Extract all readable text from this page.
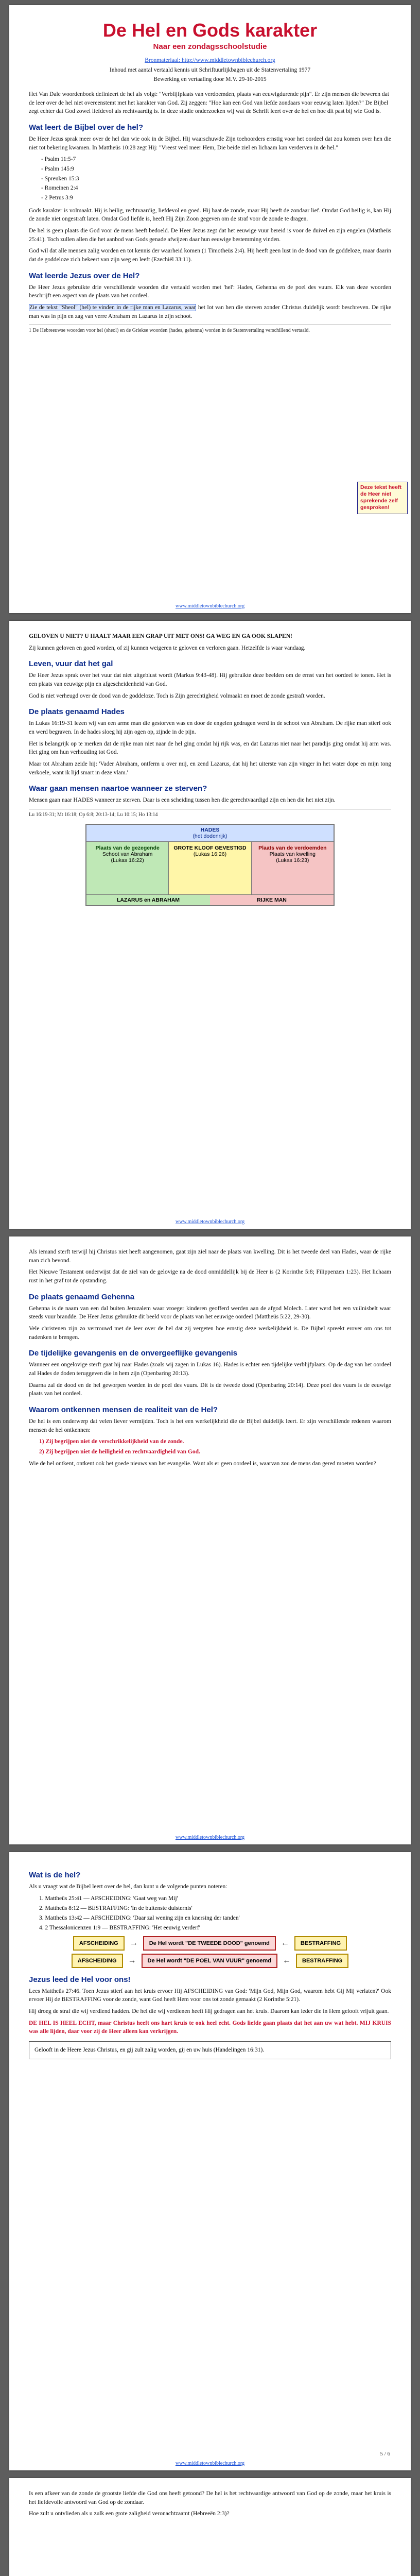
De Hel en Gods karakter
Naar een zondagsschoolstudie
Bronmateriaal: http://www.middletownbiblechurch.org
Inhoud met aantal vertaald kennis uit Schriftuurlijkbagen uit de Statenvertaling 1977
Bewerking en vertaaling door M.V. 29-10-2015

Het Van Dale woordenboek definieert de hel als volgt: "Verblijfplaats van verdoemden, plaats van eeuwigdurende pijn". Er zijn mensen die beweren dat de leer over de hel niet overeenstemt met het karakter van God. Zij zeggen: "Hoe kan een God van liefde zondaars voor eeuwig laten lijden?" De Bijbel zegt echter dat God zowel liefdevol als rechtvaardig is. In deze studie onderzoeken wij wat de Schrift leert over de hel en hoe dit past bij wie God is.

Wat leert de Bijbel over de hel?

De Heer Jezus sprak meer over de hel dan wie ook in de Bijbel. Hij waarschuwde Zijn toehoorders ernstig voor het oordeel dat zou komen over hen die niet tot bekering kwamen. In Mattheüs 10:28 zegt Hij: "Vreest veel meer Hem, Die beide ziel en lichaam kan verderven in de hel."

- Psalm 11:5-7
- Psalm 145:9
- Spreuken 15:3
- Romeinen 2:4
- 2 Petrus 3:9

Gods karakter is volmaakt. Hij is heilig, rechtvaardig, liefdevol en goed. Hij haat de zonde, maar Hij heeft de zondaar lief. Omdat God heilig is, kan Hij de zonde niet ongestraft laten. Omdat God liefde is, heeft Hij Zijn Zoon gegeven om de straf voor de zonde te dragen.

De hel is geen plaats die God voor de mens heeft bedoeld. De Heer Jezus zegt dat het eeuwige vuur bereid is voor de duivel en zijn engelen (Mattheüs 25:41). Toch zullen allen die het aanbod van Gods genade afwijzen daar hun eeuwige bestemming vinden.

God wil dat alle mensen zalig worden en tot kennis der waarheid komen (1 Timotheüs 2:4). Hij heeft geen lust in de dood van de goddeloze, maar daarin dat de goddeloze zich bekeert van zijn weg en leeft (Ezechiël 33:11).

Wat leerde Jezus over de Hel?

De Heer Jezus gebruikte drie verschillende woorden die vertaald worden met 'hel': Hades, Gehenna en de poel des vuurs. Elk van deze woorden beschrijft een aspect van de plaats van het oordeel.

Zie de tekst "Sheol" (hel) te vinden in de rijke man en Lazarus, waar het lot van hen die sterven zonder Christus duidelijk wordt beschreven. De rijke man was in pijn en zag van verre Abraham en Lazarus in zijn schoot.

Deze tekst heeft de Heer niet sprekende zelf gesproken!
1 De Hebreeuwse woorden voor hel (sheol) en de Griekse woorden (hades, gehenna) worden in de Statenvertaling verschillend vertaald.
www.middletownbiblechurch.org

GELOVEN U NIET? U HAALT MAAR EEN GRAP UIT MET ONS! GA WEG EN GA OOK SLAPEN!

Zij kunnen geloven en goed worden, of zij kunnen weigeren te geloven en verloren gaan. Hetzelfde is waar vandaag.

Leven, vuur dat het gal

De Heer Jezus sprak over het vuur dat niet uitgeblust wordt (Markus 9:43-48). Hij gebruikte deze beelden om de ernst van het oordeel te tonen. Het is een plaats van eeuwige pijn en afgescheidenheid van God.

God is niet verheugd over de dood van de goddeloze. Toch is Zijn gerechtigheid volmaakt en moet de zonde gestraft worden.

De plaats genaamd Hades

In Lukas 16:19-31 lezen wij van een arme man die gestorven was en door de engelen gedragen werd in de schoot van Abraham. De rijke man stierf ook en werd begraven. In de hades sloeg hij zijn ogen op, zijnde in de pijn.

Het is belangrijk op te merken dat de rijke man niet naar de hel ging omdat hij rijk was, en dat Lazarus niet naar het paradijs ging omdat hij arm was. Het ging om hun verhouding tot God.

Maar tot Abraham zeide hij: 'Vader Abraham, ontferm u over mij, en zend Lazarus, dat hij het uiterste van zijn vinger in het water dope en mijn tong verkoele, want ik lijd smart in deze vlam.'

Waar gaan mensen naartoe wanneer ze sterven?

Mensen gaan naar HADES wanneer ze sterven. Daar is een scheiding tussen hen die gerechtvaardigd zijn en hen die het niet zijn.

Lu 16:19-31; Mt 16:18; Op 6:8; 20:13-14; Lu 10:15; Ho 13:14
HADES
(het dodenrijk)
Plaats van de gezegende
Schoot van Abraham
(Lukas 16:22)
GROTE KLOOF GEVESTIGD
(Lukas 16:26)
Plaats van de verdoemden
Plaats van kwelling
(Lukas 16:23)
LAZARUS en ABRAHAM	RIJKE MAN
www.middletownbiblechurch.org

Als iemand sterft terwijl hij Christus niet heeft aangenomen, gaat zijn ziel naar de plaats van kwelling. Dit is het tweede deel van Hades, waar de rijke man zich bevond.

Het Nieuwe Testament onderwijst dat de ziel van de gelovige na de dood onmiddellijk bij de Heer is (2 Korinthe 5:8; Filippenzen 1:23). Het lichaam rust in het graf tot de opstanding.

De plaats genaamd Gehenna

Gehenna is de naam van een dal buiten Jeruzalem waar vroeger kinderen geofferd werden aan de afgod Molech. Later werd het een vuilnisbelt waar steeds vuur brandde. De Heer Jezus gebruikte dit beeld voor de plaats van het eeuwige oordeel (Mattheüs 5:22, 29-30).

Vele christenen zijn zo vertrouwd met de leer over de hel dat zij vergeten hoe ernstig deze werkelijkheid is. De Bijbel spreekt erover om ons tot nadenken te brengen.

De tijdelijke gevangenis en de onvergeeflijke gevangenis

Wanneer een ongelovige sterft gaat hij naar Hades (zoals wij zagen in Lukas 16). Hades is echter een tijdelijke verblijfplaats. Op de dag van het oordeel zal Hades de doden teruggeven die in hem zijn (Openbaring 20:13).

Daarna zal de dood en de hel geworpen worden in de poel des vuurs. Dit is de tweede dood (Openbaring 20:14). Deze poel des vuurs is de eeuwige plaats van het oordeel.

Waarom ontkennen mensen de realiteit van de Hel?

De hel is een onderwerp dat velen liever vermijden. Toch is het een werkelijkheid die de Bijbel duidelijk leert. Er zijn verschillende redenen waarom mensen de hel ontkennen:

1) Zij begrijpen niet de verschrikkelijkheid van de zonde.
2) Zij begrijpen niet de heiligheid en rechtvaardigheid van God.

Wie de hel ontkent, ontkent ook het goede nieuws van het evangelie. Want als er geen oordeel is, waarvan zou de mens dan gered moeten worden?

www.middletownbiblechurch.org
Wat is de hel?

Als u vraagt wat de Bijbel leert over de hel, dan kunt u de volgende punten noteren:

1. Mattheüs 25:41 — AFSCHEIDING: 'Gaat weg van Mij'
2. Mattheüs 8:12 — BESTRAFFING: 'In de buitenste duisternis'
3. Mattheüs 13:42 — AFSCHEIDING: 'Daar zal wening zijn en knersing der tanden'
4. 2 Thessalonicenzen 1:9 — BESTRAFFING: 'Het eeuwig verderf'
AFSCHEIDING	→	De Hel wordt "DE TWEEDE DOOD" genoemd	←	BESTRAFFING
AFSCHEIDING	→	De Hel wordt "DE POEL VAN VUUR" genoemd	←	BESTRAFFING
Jezus leed de Hel voor ons!

Lees Mattheüs 27:46. Toen Jezus stierf aan het kruis ervoer Hij AFSCHEIDING van God: 'Mijn God, Mijn God, waarom hebt Gij Mij verlaten?' Ook ervoer Hij de BESTRAFFING voor de zonde, want God heeft Hem voor ons tot zonde gemaakt (2 Korinthe 5:21).

Hij droeg de straf die wij verdiend hadden. De hel die wij verdienen heeft Hij gedragen aan het kruis. Daarom kan ieder die in Hem gelooft vrijuit gaan.

DE HEL IS HEEL ECHT, maar Christus heeft ons hart kruis te ook heel echt. Gods liefde gaan plaats dat het aan uw wat hebt. MIJ KRUIS was alle lijden, daar voor zij de Heer alleen kan verkrijgen.

Gelooft in de Heere Jezus Christus, en gij zult zalig worden, gij en uw huis (Handelingen 16:31).
5 / 6
www.middletownbiblechurch.org

Is een afkeer van de zonde de grootste liefde die God ons heeft getoond? De hel is het rechtvaardige antwoord van God op de zonde, maar het kruis is het liefdevolle antwoord van God op de zondaar.

Hoe zult u ontvlieden als u zulk een grote zaligheid veronachtzaamt (Hebreeën 2:3)?
